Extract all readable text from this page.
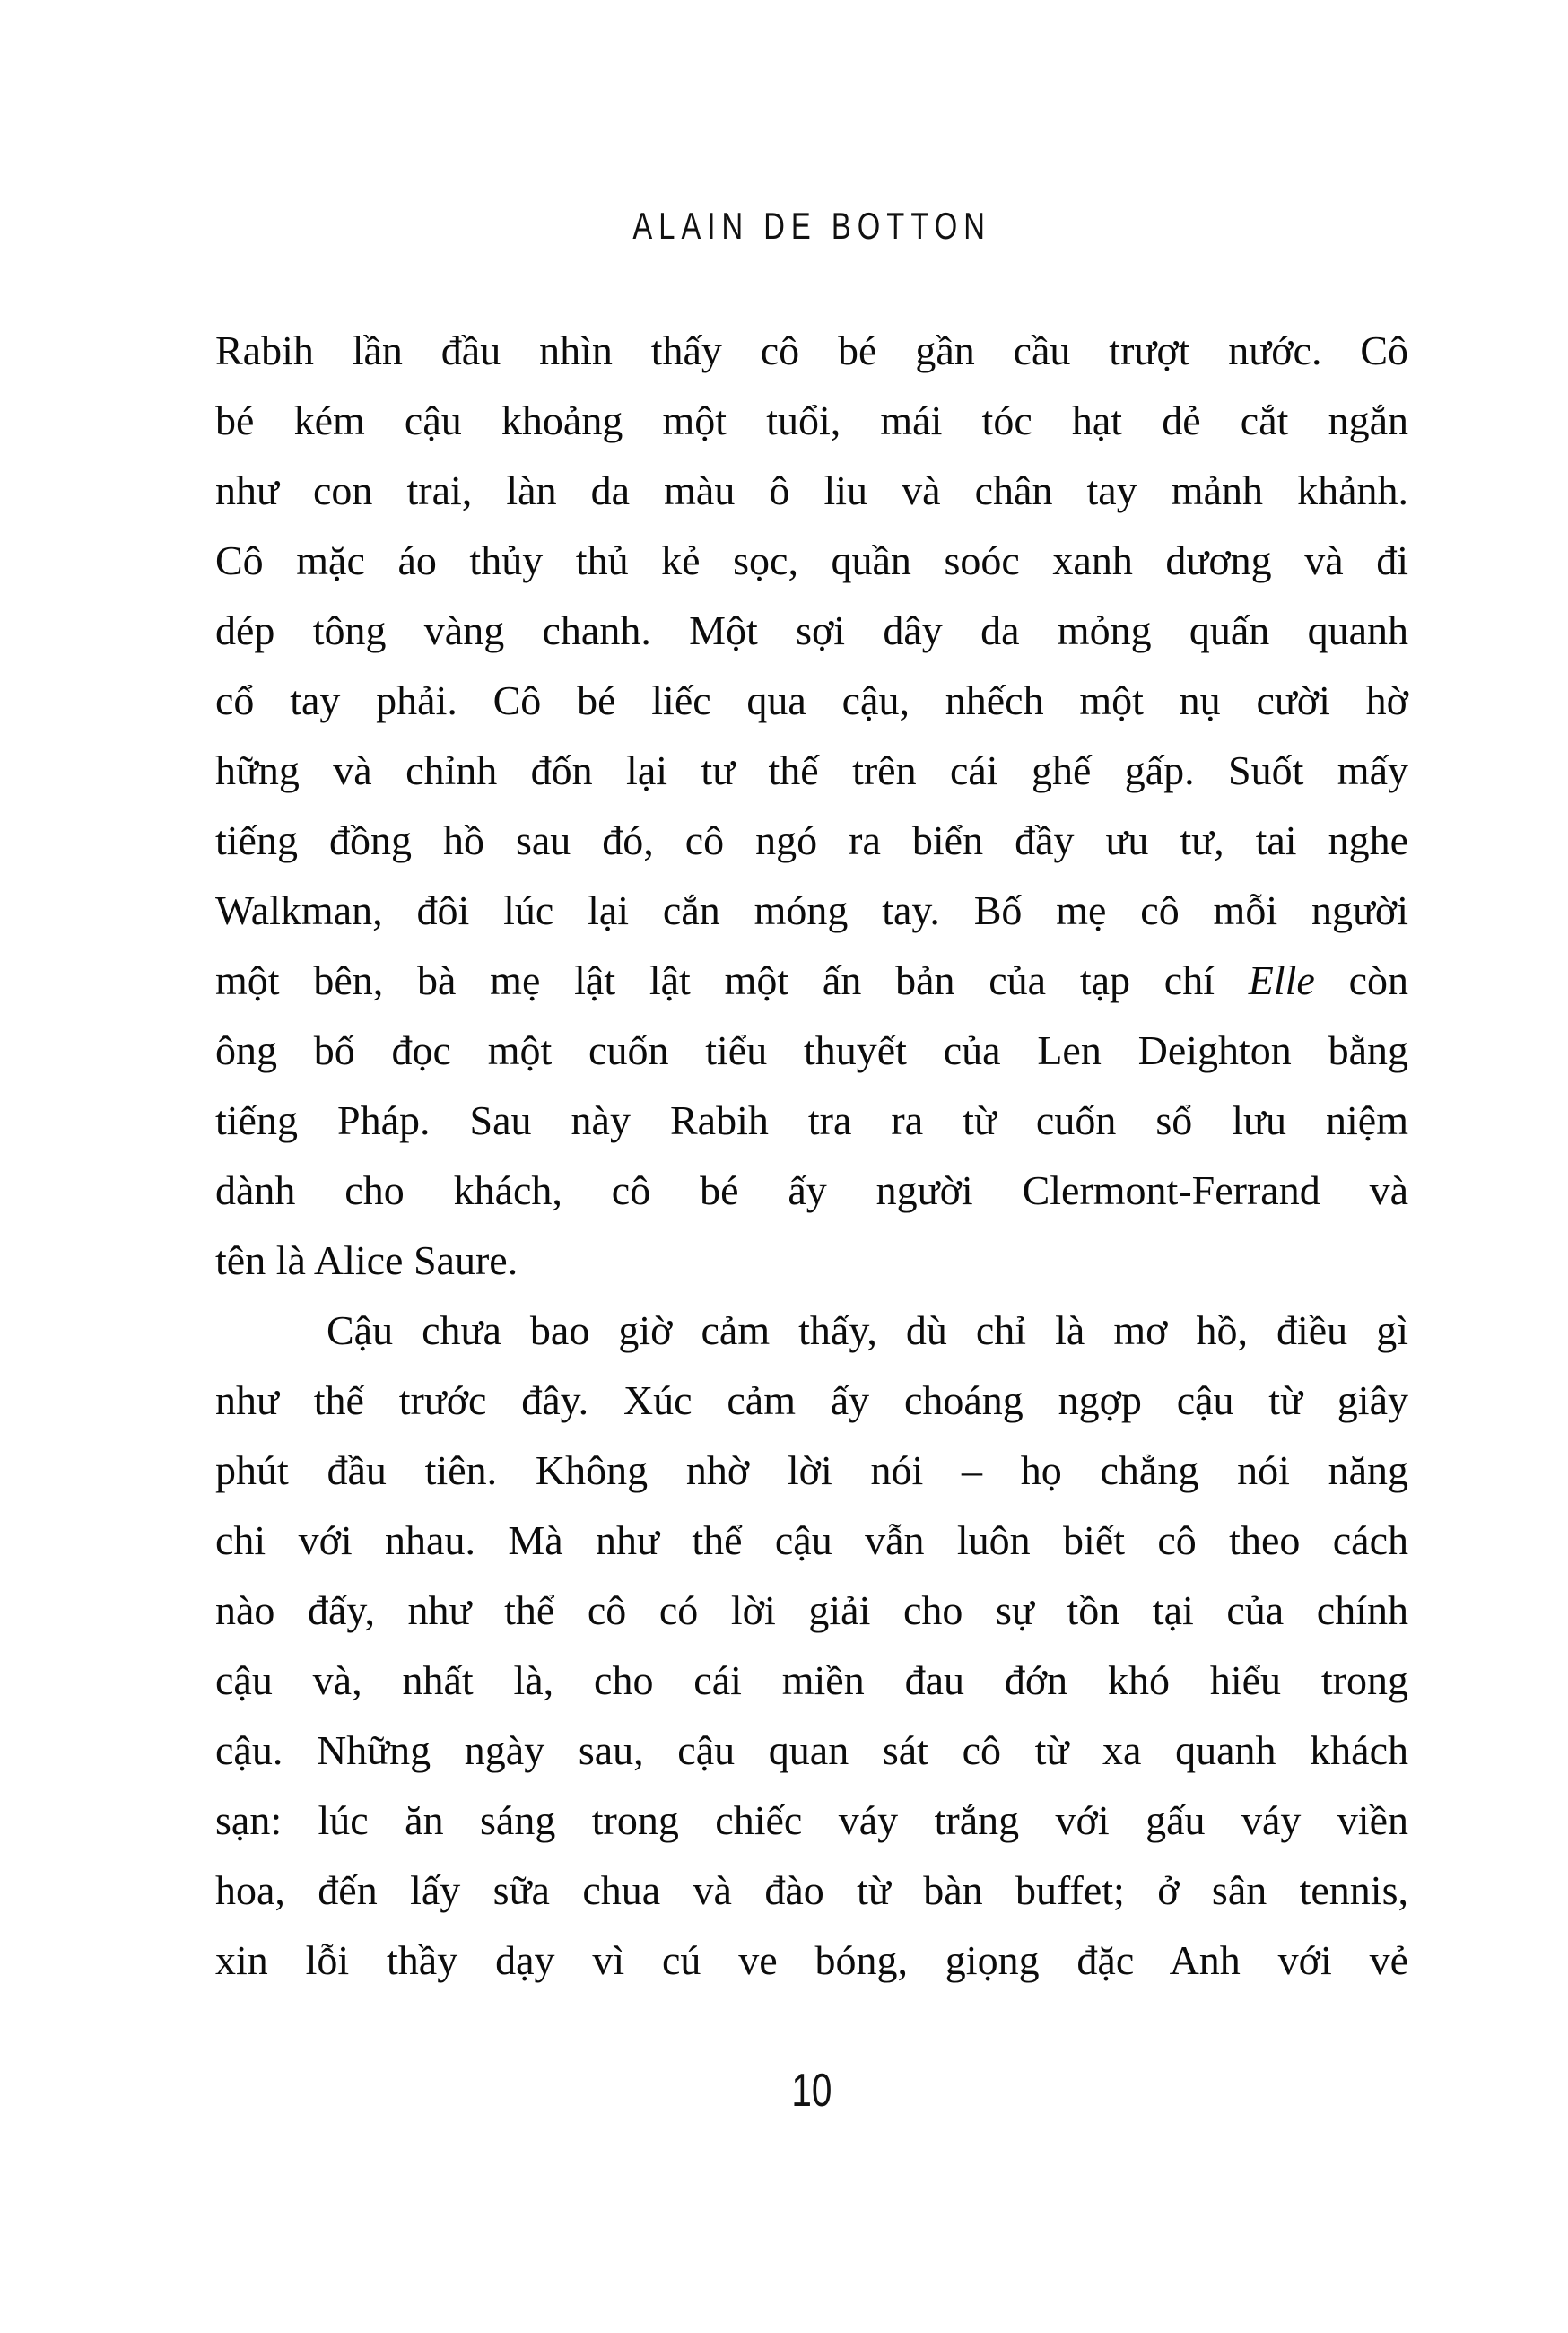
ALAIN DE BOTTON
Rabih lần đầu nhìn thấy cô bé gần cầu trượt nước. Cô
bé kém cậu khoảng một tuổi, mái tóc hạt dẻ cắt ngắn
như con trai, làn da màu ô liu và chân tay mảnh khảnh.
Cô mặc áo thủy thủ kẻ sọc, quần soóc xanh dương và đi
dép tông vàng chanh. Một sợi dây da mỏng quấn quanh
cổ tay phải. Cô bé liếc qua cậu, nhếch một nụ cười hờ
hững và chỉnh đốn lại tư thế trên cái ghế gấp. Suốt mấy
tiếng đồng hồ sau đó, cô ngó ra biển đầy ưu tư, tai nghe
Walkman, đôi lúc lại cắn móng tay. Bố mẹ cô mỗi người
một bên, bà mẹ lật lật một ấn bản của tạp chí Elle còn
ông bố đọc một cuốn tiểu thuyết của Len Deighton bằng
tiếng Pháp. Sau này Rabih tra ra từ cuốn sổ lưu niệm
dành cho khách, cô bé ấy người Clermont-Ferrand và
tên là Alice Saure.
Cậu chưa bao giờ cảm thấy, dù chỉ là mơ hồ, điều gì
như thế trước đây. Xúc cảm ấy choáng ngợp cậu từ giây
phút đầu tiên. Không nhờ lời nói – họ chẳng nói năng
chi với nhau. Mà như thể cậu vẫn luôn biết cô theo cách
nào đấy, như thể cô có lời giải cho sự tồn tại của chính
cậu và, nhất là, cho cái miền đau đớn khó hiểu trong
cậu. Những ngày sau, cậu quan sát cô từ xa quanh khách
sạn: lúc ăn sáng trong chiếc váy trắng với gấu váy viền
hoa, đến lấy sữa chua và đào từ bàn buffet; ở sân tennis,
xin lỗi thầy dạy vì cú ve bóng, giọng đặc Anh với vẻ
10
